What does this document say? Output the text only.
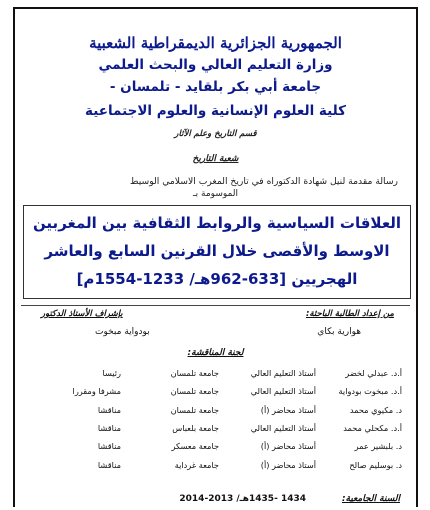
الجمهورية الجزائرية الديمقراطية الشعبية
وزارة التعليم العالي والبحث العلمي
جامعة أبي بكر بلقايد - تلمسان -
كلية العلوم الإنسانية والعلوم الاجتماعية
قسم التاريخ وعلم الآثار
شعبة التاريخ
رسالة مقدمة لنيل شهادة الدكتوراه في تاريخ المغرب الاسلامي الوسيط
الموسومة بـ
العلاقات السياسية والروابط الثقافية بين المغربين
الاوسط والأقصى خلال القرنين السابع والعاشر
الهجريين [633-962هـ/ 1233-1554م]
من إعداد الطالبة الباحثة:
بإشراف الأستاذ الدكتور
هوارية بكاي
بودواية مبخوت
لجنة المناقشة:
أ.د. عبدلي لخضر
أستاذ التعليم العالي
جامعة تلمسان
رئيسا
أ.د. مبخوت بودواية
أستاذ التعليم العالي
جامعة تلمسان
مشرفا ومقررا
د. مكيوي محمد
أستاذ محاضر (أ)
جامعة تلمسان
مناقشا
أ.د. مكحلي محمد
أستاذ التعليم العالي
جامعة بلعباس
مناقشا
د. بلبشير عمر
أستاذ محاضر (أ)
جامعة معسكر
مناقشا
د. بوسليم صالح
أستاذ محاضر (أ)
جامعة غرداية
مناقشا
السنة الجامعية:
1434 -1435هـ/ 2013-2014
